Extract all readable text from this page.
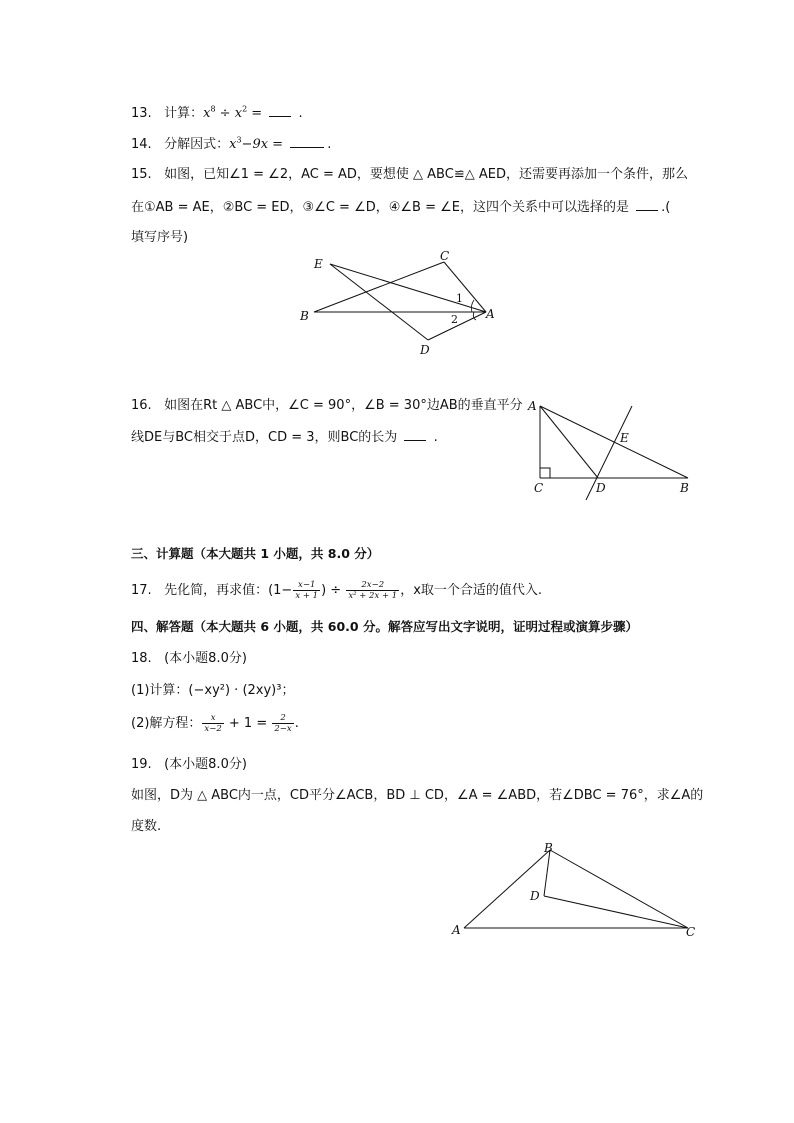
13. 计算：$x^8 \div x^2$ =  .
14. 分解因式：$x^3-9x$ =	.
15. 如图，已知∠1 = ∠2，AC = AD，要想使 △ ABC≌△ AED，还需要再添加一个条件，那么
在①AB = AE，②BC = ED，③∠C = ∠D，④∠B = ∠E，这四个关系中可以选择的是 .(
填写序号)
E
C
B	A
D
1
2
16. 如图在Rt △ ABC中，∠C = 90°，∠B = 30°边AB的垂直平分
线DE与BC相交于点D，CD = 3，则BC的长为	.
A
C	D	B
E
三、计算题（本大题共 1 小题，共 8.0 分）
17. 先化简，再求值：($1- \frac{x-1}{x + 1}$ ) ÷ $\frac{2x-2}{\text{x² + 2x + 1}}$ ，x取一个合适的值代入.
四、解答题（本大题共 6 小题，共 60.0 分。解答应写出文字说明，证明过程或演算步骤）
18. (本小题8.0分)
(1)计算：(−xy²) · (2xy)³；
(2)解方程： $\frac{x}{x-2} + 1 = \frac{2}{2-x}$ .
19. (本小题8.0分)
如图，D为 △ ABC内一点，CD平分∠ACB，BD ⊥ CD，∠A = ∠ABD，若∠DBC = 76°，求∠A的
度数.
A
B
C
D
